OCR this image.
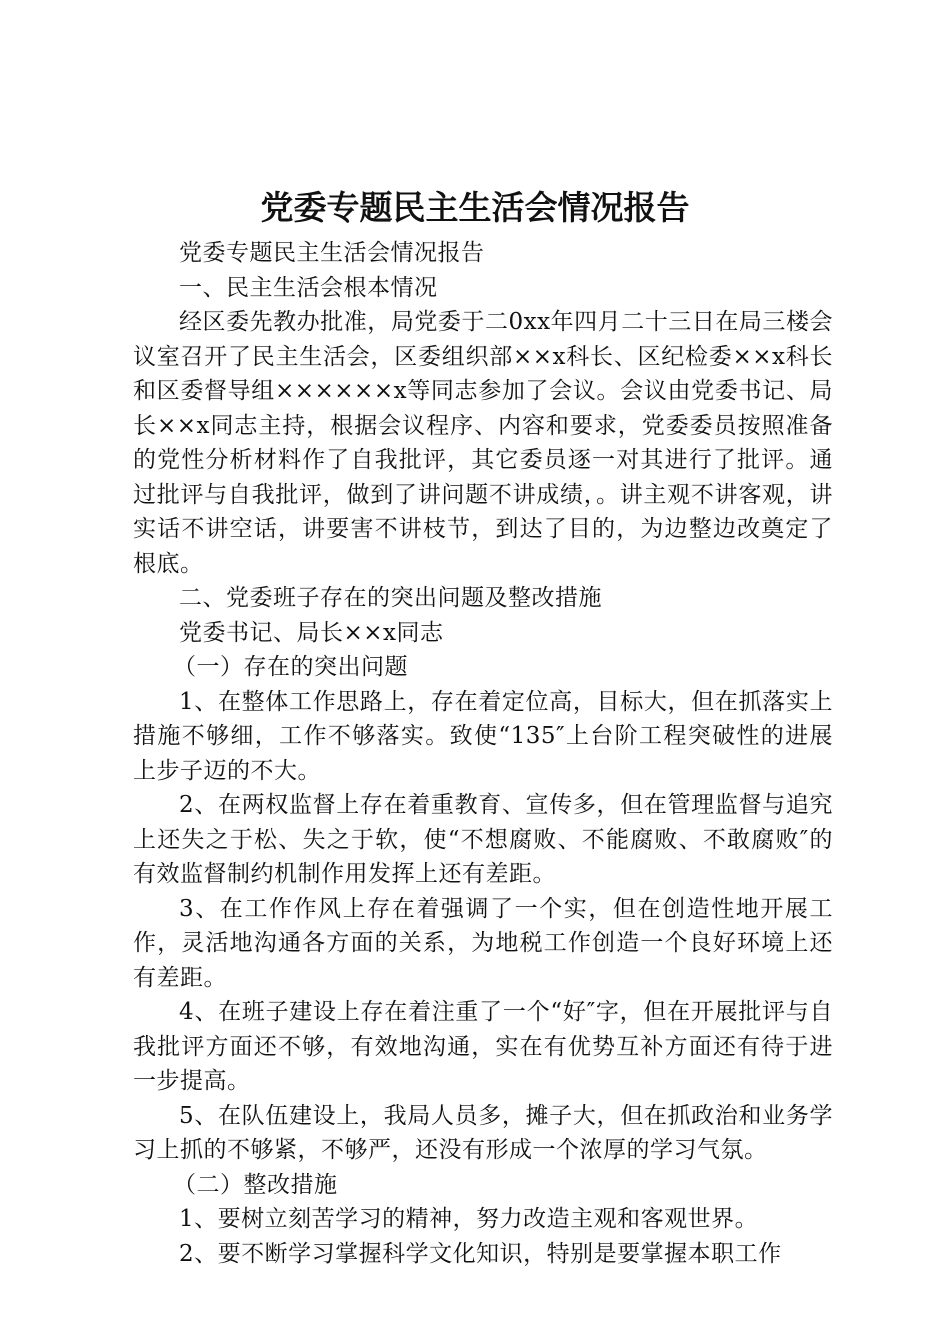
党委专题民主生活会情况报告

党委专题民主生活会情况报告

一、民主生活会根本情况

经区委先教办批准，局党委于二0xx年四月二十三日在局三楼会议室召开了民主生活会，区委组织部××x科长、区纪检委××x科长和区委督导组××××××x等同志参加了会议。会议由党委书记、局长××x同志主持，根据会议程序、内容和要求，党委委员按照准备的党性分析材料作了自我批评，其它委员逐一对其进行了批评。通过批评与自我批评，做到了讲问题不讲成绩，。讲主观不讲客观，讲实话不讲空话，讲要害不讲枝节，到达了目的，为边整边改奠定了根底。

二、党委班子存在的突出问题及整改措施

党委书记、局长××x同志

（一）存在的突出问题

1、在整体工作思路上，存在着定位高，目标大，但在抓落实上措施不够细，工作不够落实。致使“135″上台阶工程突破性的进展上步子迈的不大。

2、在两权监督上存在着重教育、宣传多，但在管理监督与追究上还失之于松、失之于软，使“不想腐败、不能腐败、不敢腐败″的有效监督制约机制作用发挥上还有差距。

3、在工作作风上存在着强调了一个实，但在创造性地开展工作，灵活地沟通各方面的关系，为地税工作创造一个良好环境上还有差距。

4、在班子建设上存在着注重了一个“好″字，但在开展批评与自我批评方面还不够，有效地沟通，实在有优势互补方面还有待于进一步提高。

5、在队伍建设上，我局人员多，摊子大，但在抓政治和业务学习上抓的不够紧，不够严，还没有形成一个浓厚的学习气氛。

（二）整改措施

1、要树立刻苦学习的精神，努力改造主观和客观世界。

2、要不断学习掌握科学文化知识，特别是要掌握本职工作
